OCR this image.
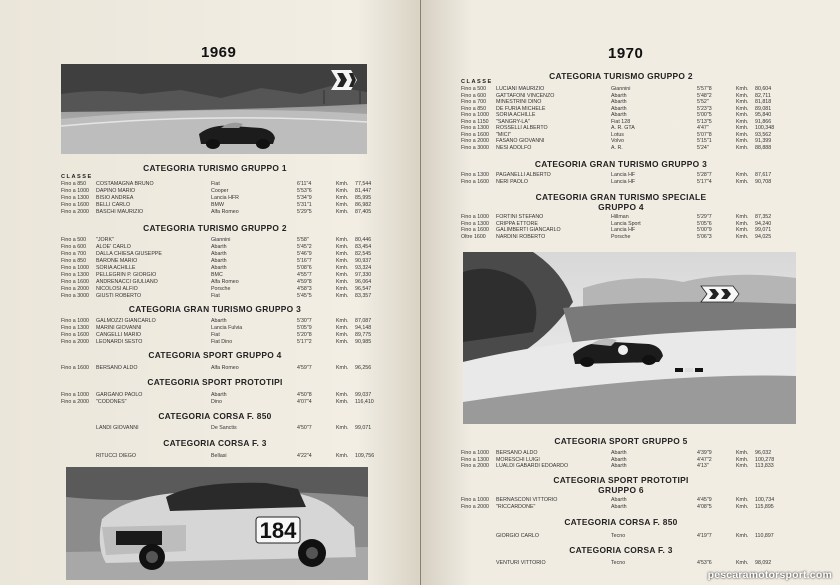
1969
CATEGORIA TURISMO GRUPPO 1
CLASSE
Fino a 850 COSTAMAGNA BRUNO	Fiat	6'11"4	Kmh. 77,544
Fino a 1000 DAPINO MARIO	Cooper	5'53"6	Kmh. 81,447
Fino a 1300 BISIO ANDREA	Lancia HFR	5'34"9	Kmh. 85,995
Fino a 1600 BELLI CARLO	BMW	5'31"1	Kmh. 86,982
Fino a 2000 BASCHI MAURIZIO	Alfa Romeo	5'29"5	Kmh. 87,405
CATEGORIA TURISMO GRUPPO 2
Fino a 500 "JORK"	Giannini	5'58"	Kmh. 80,446
Fino a 600 ALOE' CARLO	Abarth	5'45"2	Kmh. 83,454
Fino a 700 DALLA CHIESA GIUSEPPE	Abarth	5'46"9	Kmh. 82,545
Fino a 850 BARONE MARIO	Abarth	5'16"7	Kmh. 90,937
Fino a 1000 SORIA ACHILLE	Abarth	5'08"6	Kmh. 93,324
Fino a 1300 PELLEGRIN P. GIORGIO	BMC	4'55"7	Kmh. 97,330
Fino a 1600 ANDRENACCI GIULIANO	Alfa Romeo	4'59"8	Kmh. 96,064
Fino a 2000 NICOLOSI ALFIO	Porsche	4'58"3	Kmh. 96,547
Fino a 3000 GIUSTI ROBERTO	Fiat	5'45"5	Kmh. 83,357
CATEGORIA GRAN TURISMO GRUPPO 3
Fino a 1000 GALMOZZI GIANCARLO	Abarth	5'30"7	Kmh. 87,087
Fino a 1300 MARINI GIOVANNI	Lancia Fulvia	5'05"9	Kmh. 94,148
Fino a 1600 CANGELLI MARIO	Fiat	5'20"8	Kmh. 89,775
Fino a 2000 LEONARDI SESTO	Fiat Dino	5'17"2	Kmh. 90,985
CATEGORIA SPORT GRUPPO 4
Fino a 1600 BERSANO ALDO	Alfa Romeo	4'59"7	Kmh. 96,256
CATEGORIA SPORT PROTOTIPI
Fino a 1000 GARGANO PAOLO	Abarth	4'50"8	Kmh. 99,037
Fino a 2000 "CODONES"	Dino	4'07"4	Kmh. 116,410
CATEGORIA CORSA F. 850
LANDI GIOVANNI	De Sanctis	4'50"7	Kmh. 99,071
CATEGORIA CORSA F. 3
RITUCCI DIEGO	Bellasi	4'22"4	Kmh. 109,756
184
1970
CATEGORIA TURISMO GRUPPO 2
CLASSE
Fino a 500 LUCIANI MAURIZIO	Giannini	5'57"8	Kmh. 80,604
Fino a 600 GATTAFONI VINCENZO	Abarth	5'48"2	Kmh. 82,711
Fino a 700 MINESTRINI DINO	Abarth	5'52"	Kmh. 81,818
Fino a 850 DE FURIA MICHELE	Abarth	5'23"3	Kmh. 89,081
Fino a 1000 SORIA ACHILLE	Abarth	5'00"5	Kmh. 95,840
Fino a 1150 "SANGRY-LA"	Fiat 128	5'13"5	Kmh. 91,866
Fino a 1300 ROSSELLI ALBERTO	A. R. GTA	4'47"	Kmh. 100,348
Fino a 1600 "MICI"	Lotus	5'07"8	Kmh. 93,562
Fino a 2000 FASANO GIOVANNI	Volvo	5'15"1	Kmh. 91,399
Fino a 3000 NESI ADOLFO	A. R.	5'24"	Kmh. 88,888
CATEGORIA GRAN TURISMO GRUPPO 3
Fino a 1300 PAGANELLI ALBERTO	Lancia HF	5'28"7	Kmh. 87,617
Fino a 1600 NERI PAOLO	Lancia HF	5'17"4	Kmh. 90,708
CATEGORIA GRAN TURISMO SPECIALE
GRUPPO 4
Fino a 1000 FORTINI STEFANO	Hillman	5'29"7	Kmh. 87,352
Fino a 1300 CRIPPA ETTORE	Lancia Sport	5'05"6	Kmh. 94,240
Fino a 1600 GALIMBERTI GIANCARLO	Lancia HF	5'00"9	Kmh. 99,071
Oltre 1600 NARDINI ROBERTO	Porsche	5'06"3	Kmh. 94,025
CATEGORIA SPORT GRUPPO 5
Fino a 1000 BERSANO ALDO	Abarth	4'39"9	Kmh. 96,032
Fino a 1300 MORESCHI LUIGI	Abarth	4'47"2	Kmh. 100,278
Fino a 2000 LUALDI GABARDI EDOARDO	Abarth	4'13"	Kmh. 113,833
CATEGORIA SPORT PROTOTIPI
GRUPPO 6
Fino a 1000 BERNASCONI VITTORIO	Abarth	4'45"9	Kmh. 100,734
Fino a 2000 "RICCARDONE"	Abarth	4'08"5	Kmh. 115,895
CATEGORIA CORSA F. 850
GIORGIO CARLO	Tecno	4'19"7	Kmh. 110,897
CATEGORIA CORSA F. 3
VENTURI VITTORIO	Tecno	4'53"6	Kmh. 98,092
pescaramotorsport.com
